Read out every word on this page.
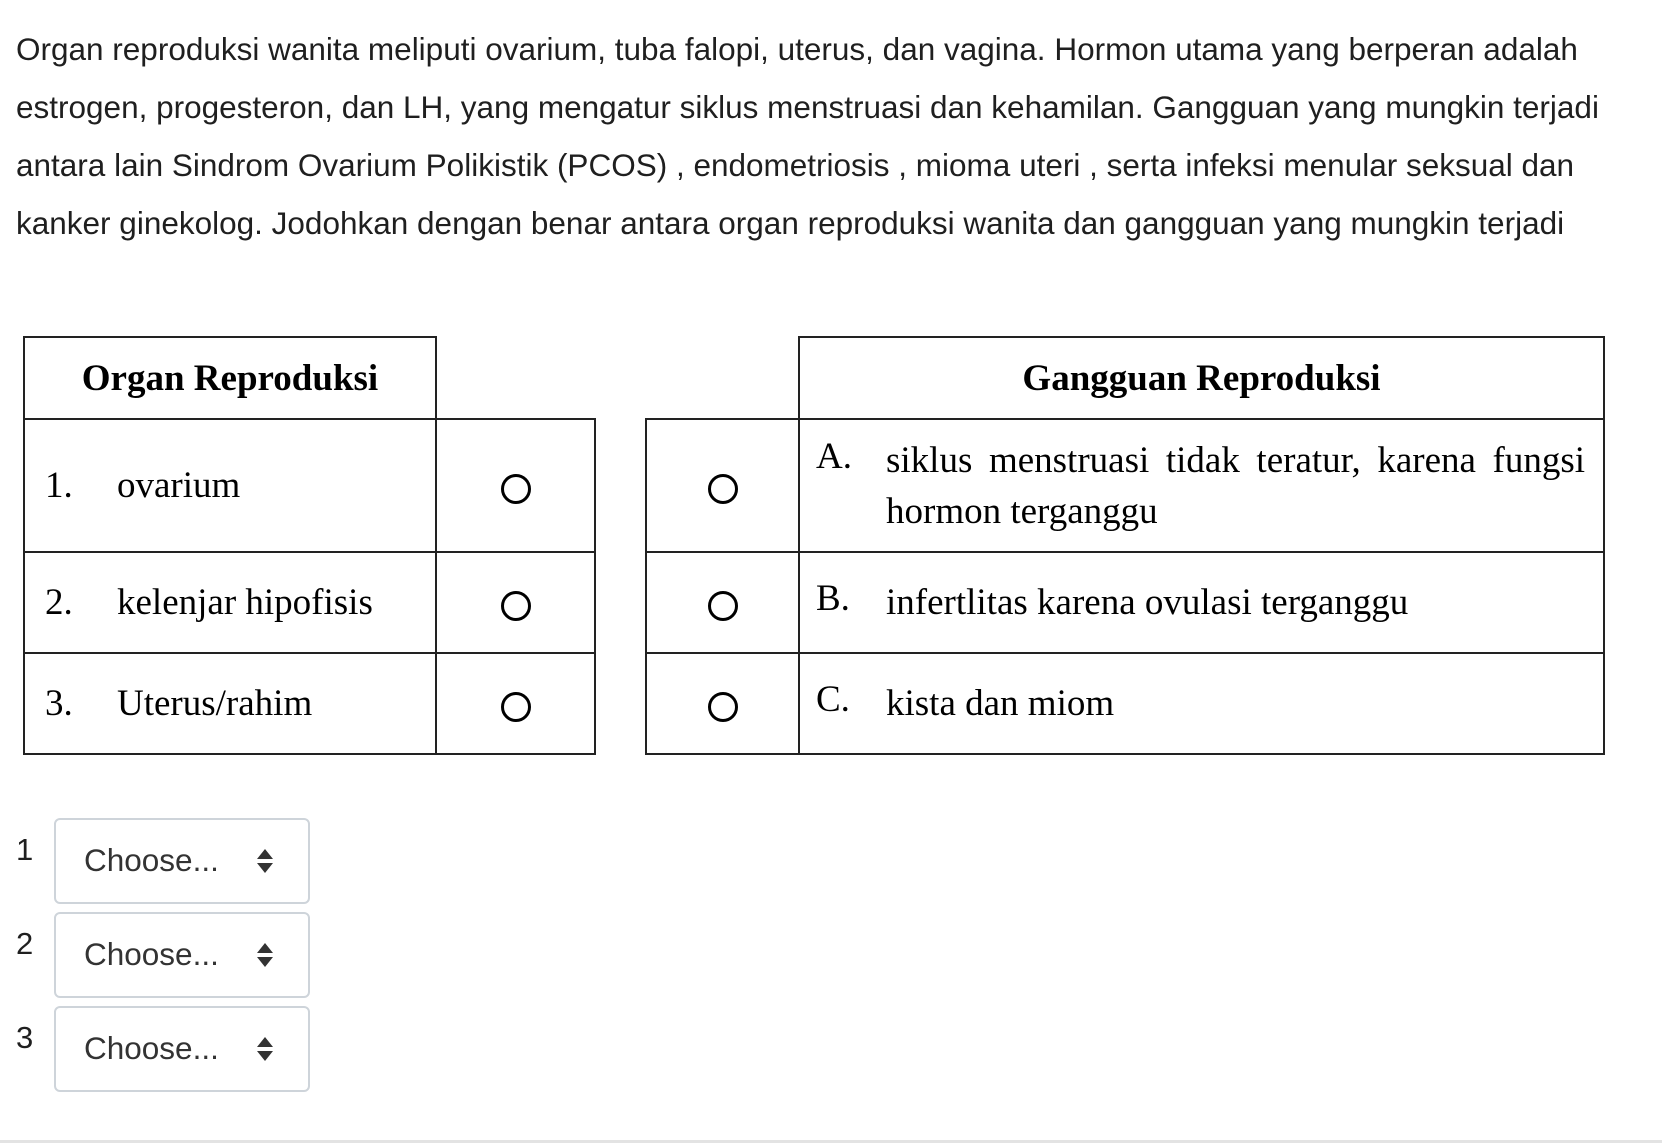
Organ reproduksi wanita meliputi ovarium, tuba falopi, uterus, dan vagina. Hormon utama yang berperan adalah estrogen, progesteron, dan LH, yang mengatur siklus menstruasi dan kehamilan. Gangguan yang mungkin terjadi antara lain Sindrom Ovarium Polikistik (PCOS) , endometriosis , mioma uteri , serta infeksi menular seksual dan kanker ginekolog. Jodohkan dengan benar antara organ reproduksi wanita dan gangguan yang mungkin terjadi
Organ Reproduksi	
1. ovarium	
2. kelenjar hipofisis	
3. Uterus/rahim	
	Gangguan Reproduksi

	A. siklus menstruasi tidak teratur, karena fungsi hormon terganggu

	B. infertlitas karena ovulasi terganggu

	C. kista dan miom
1 Choose...
2 Choose...
3 Choose...
